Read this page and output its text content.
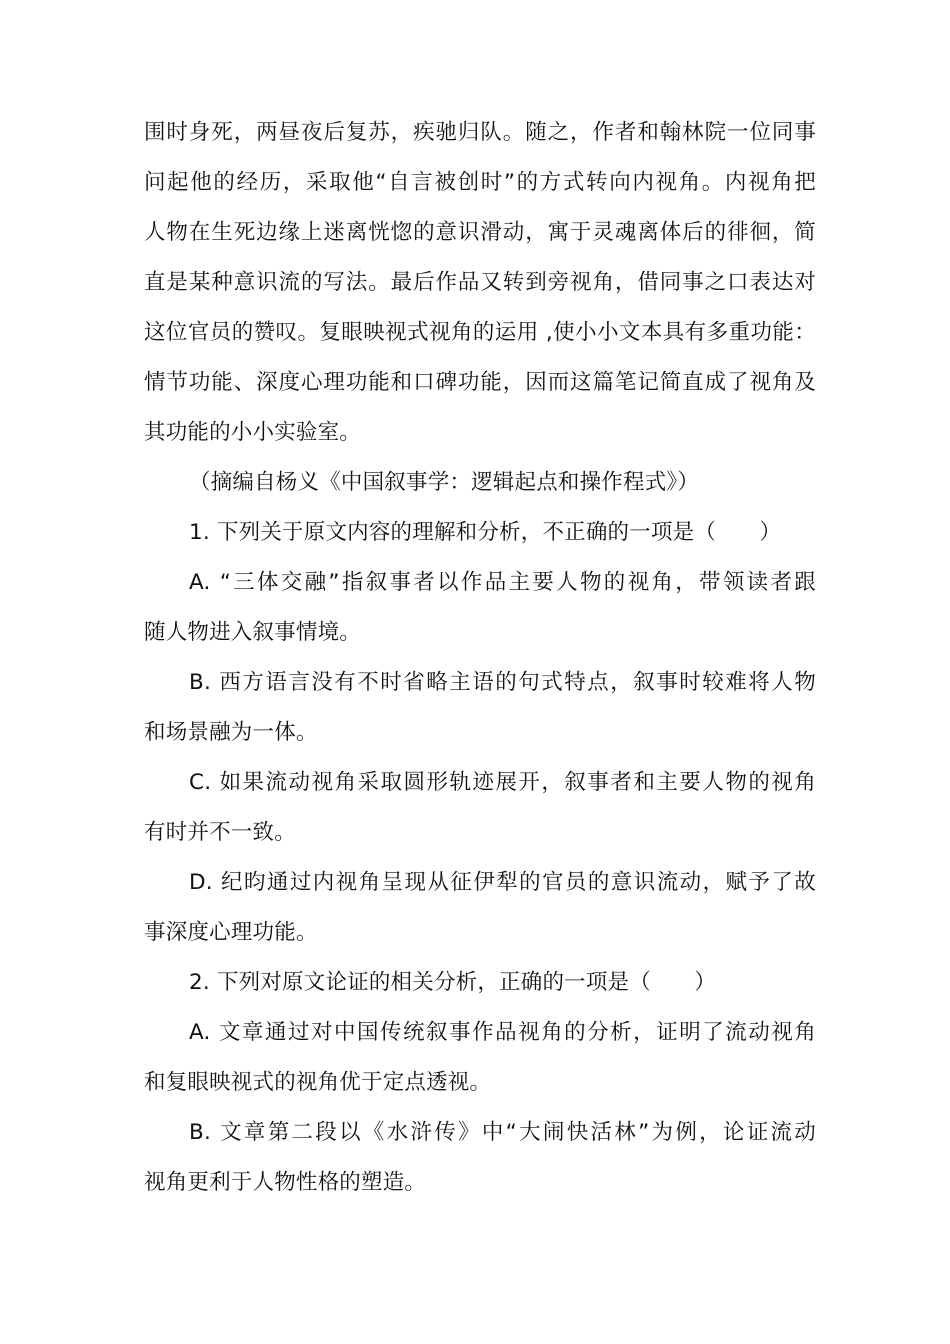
围时身死，两昼夜后复苏，疾驰归队。随之，作者和翰林院一位同事
问起他的经历，采取他“自言被创时”的方式转向内视角。内视角把
人物在生死边缘上迷离恍惚的意识滑动，寓于灵魂离体后的徘徊，简
直是某种意识流的写法。最后作品又转到旁视角，借同事之口表达对
这位官员的赞叹。复眼映视式视角的运用 ,使小小文本具有多重功能：
情节功能、深度心理功能和口碑功能，因而这篇笔记简直成了视角及
其功能的小小实验室。
（摘编自杨义《中国叙事学：逻辑起点和操作程式》）
1. 下列关于原文内容的理解和分析，不正确的一项是（　　）
A. “三体交融”指叙事者以作品主要人物的视角，带领读者跟
随人物进入叙事情境。
B. 西方语言没有不时省略主语的句式特点，叙事时较难将人物
和场景融为一体。
C. 如果流动视角采取圆形轨迹展开，叙事者和主要人物的视角
有时并不一致。
D. 纪昀通过内视角呈现从征伊犁的官员的意识流动，赋予了故
事深度心理功能。
2. 下列对原文论证的相关分析，正确的一项是（　　）
A. 文章通过对中国传统叙事作品视角的分析，证明了流动视角
和复眼映视式的视角优于定点透视。
B. 文章第二段以《水浒传》中“大闹快活林”为例，论证流动
视角更利于人物性格的塑造。
